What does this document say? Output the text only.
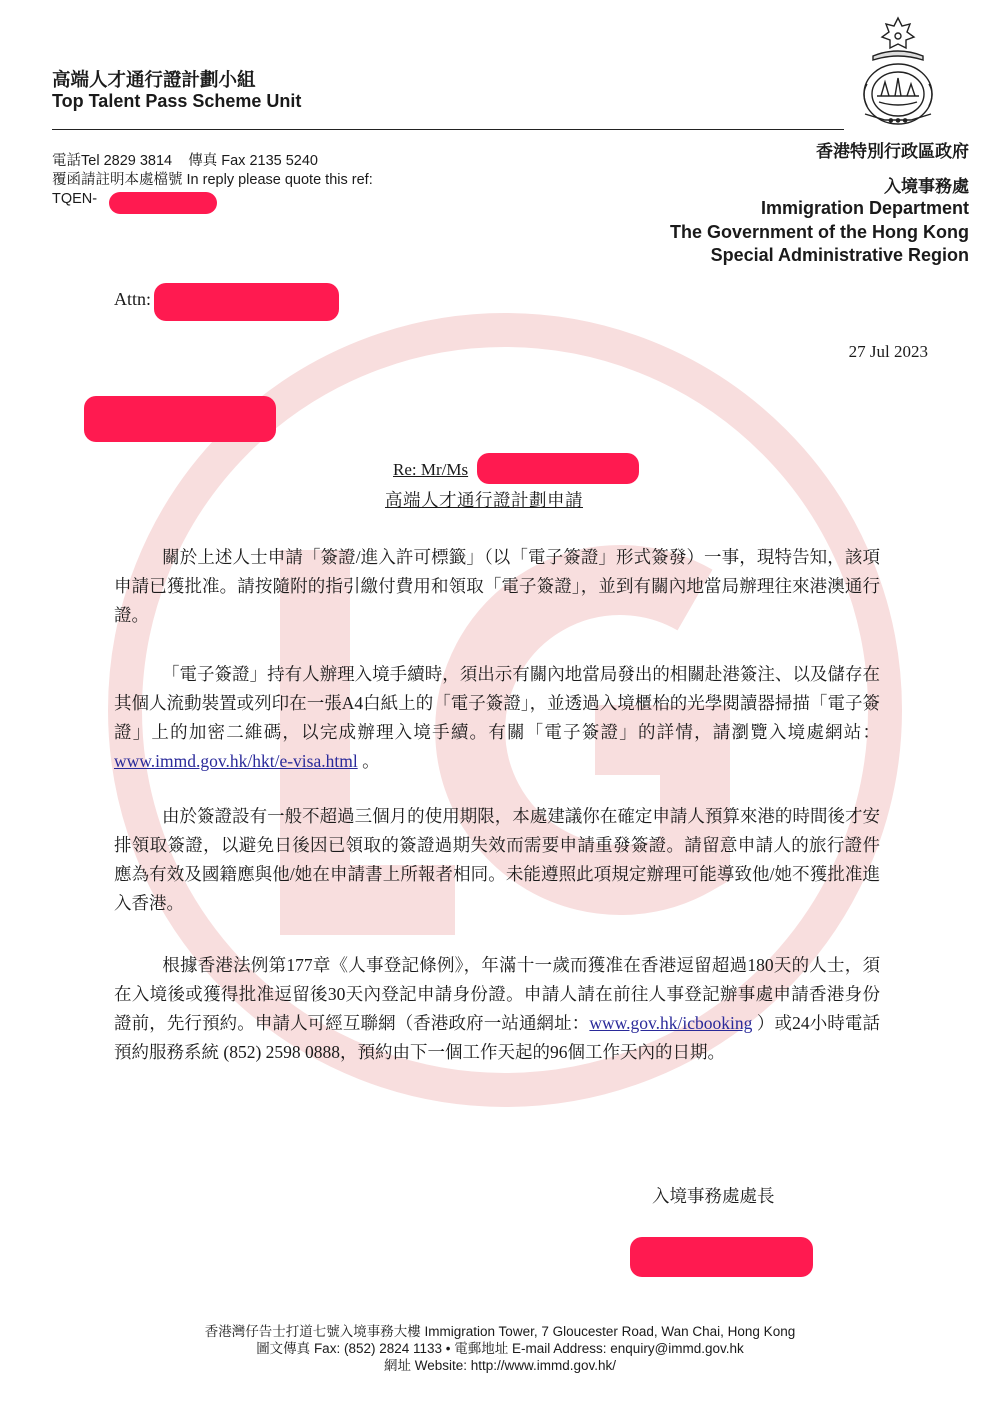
高端人才通行證計劃小組
Top Talent Pass Scheme Unit
電話Tel 2829 3814    傳真 Fax 2135 5240
覆函請註明本處檔號 In reply please quote this ref:
TQEN-
● ● ●
香港特別行政區政府
入境事務處
Immigration Department
The Government of the Hong Kong
Special Administrative Region
Attn:
27 Jul 2023
Re: Mr/Ms
高端人才通行證計劃申請
關於上述人士申請「簽證/進入許可標籤」（以「電子簽證」形式簽發）一事，現特告知，該項申請已獲批准。請按隨附的指引繳付費用和領取「電子簽證」，並到有關內地當局辦理往來港澳通行證。
「電子簽證」持有人辦理入境手續時，須出示有關內地當局發出的相關赴港簽注、以及儲存在其個人流動裝置或列印在一張A4白紙上的「電子簽證」，並透過入境櫃枱的光學閱讀器掃描「電子簽證」上的加密二維碼，以完成辦理入境手續。有關「電子簽證」的詳情，請瀏覽入境處網站：www.immd.gov.hk/hkt/e-visa.html 。
由於簽證設有一般不超過三個月的使用期限，本處建議你在確定申請人預算來港的時間後才安排領取簽證，以避免日後因已領取的簽證過期失效而需要申請重發簽證。請留意申請人的旅行證件應為有效及國籍應與他/她在申請書上所報者相同。未能遵照此項規定辦理可能導致他/她不獲批准進入香港。
根據香港法例第177章《人事登記條例》，年滿十一歲而獲准在香港逗留超過180天的人士，須在入境後或獲得批准逗留後30天內登記申請身份證。申請人請在前往人事登記辦事處申請香港身份證前，先行預約。申請人可經互聯網（香港政府一站通網址：www.gov.hk/icbooking ）或24小時電話預約服務系統 (852) 2598 0888，預約由下一個工作天起的96個工作天內的日期。
入境事務處處長
香港灣仔告士打道七號入境事務大樓 Immigration Tower, 7 Gloucester Road, Wan Chai, Hong Kong
圖文傳真 Fax: (852) 2824 1133 • 電郵地址 E-mail Address: enquiry@immd.gov.hk
網址 Website: http://www.immd.gov.hk/
